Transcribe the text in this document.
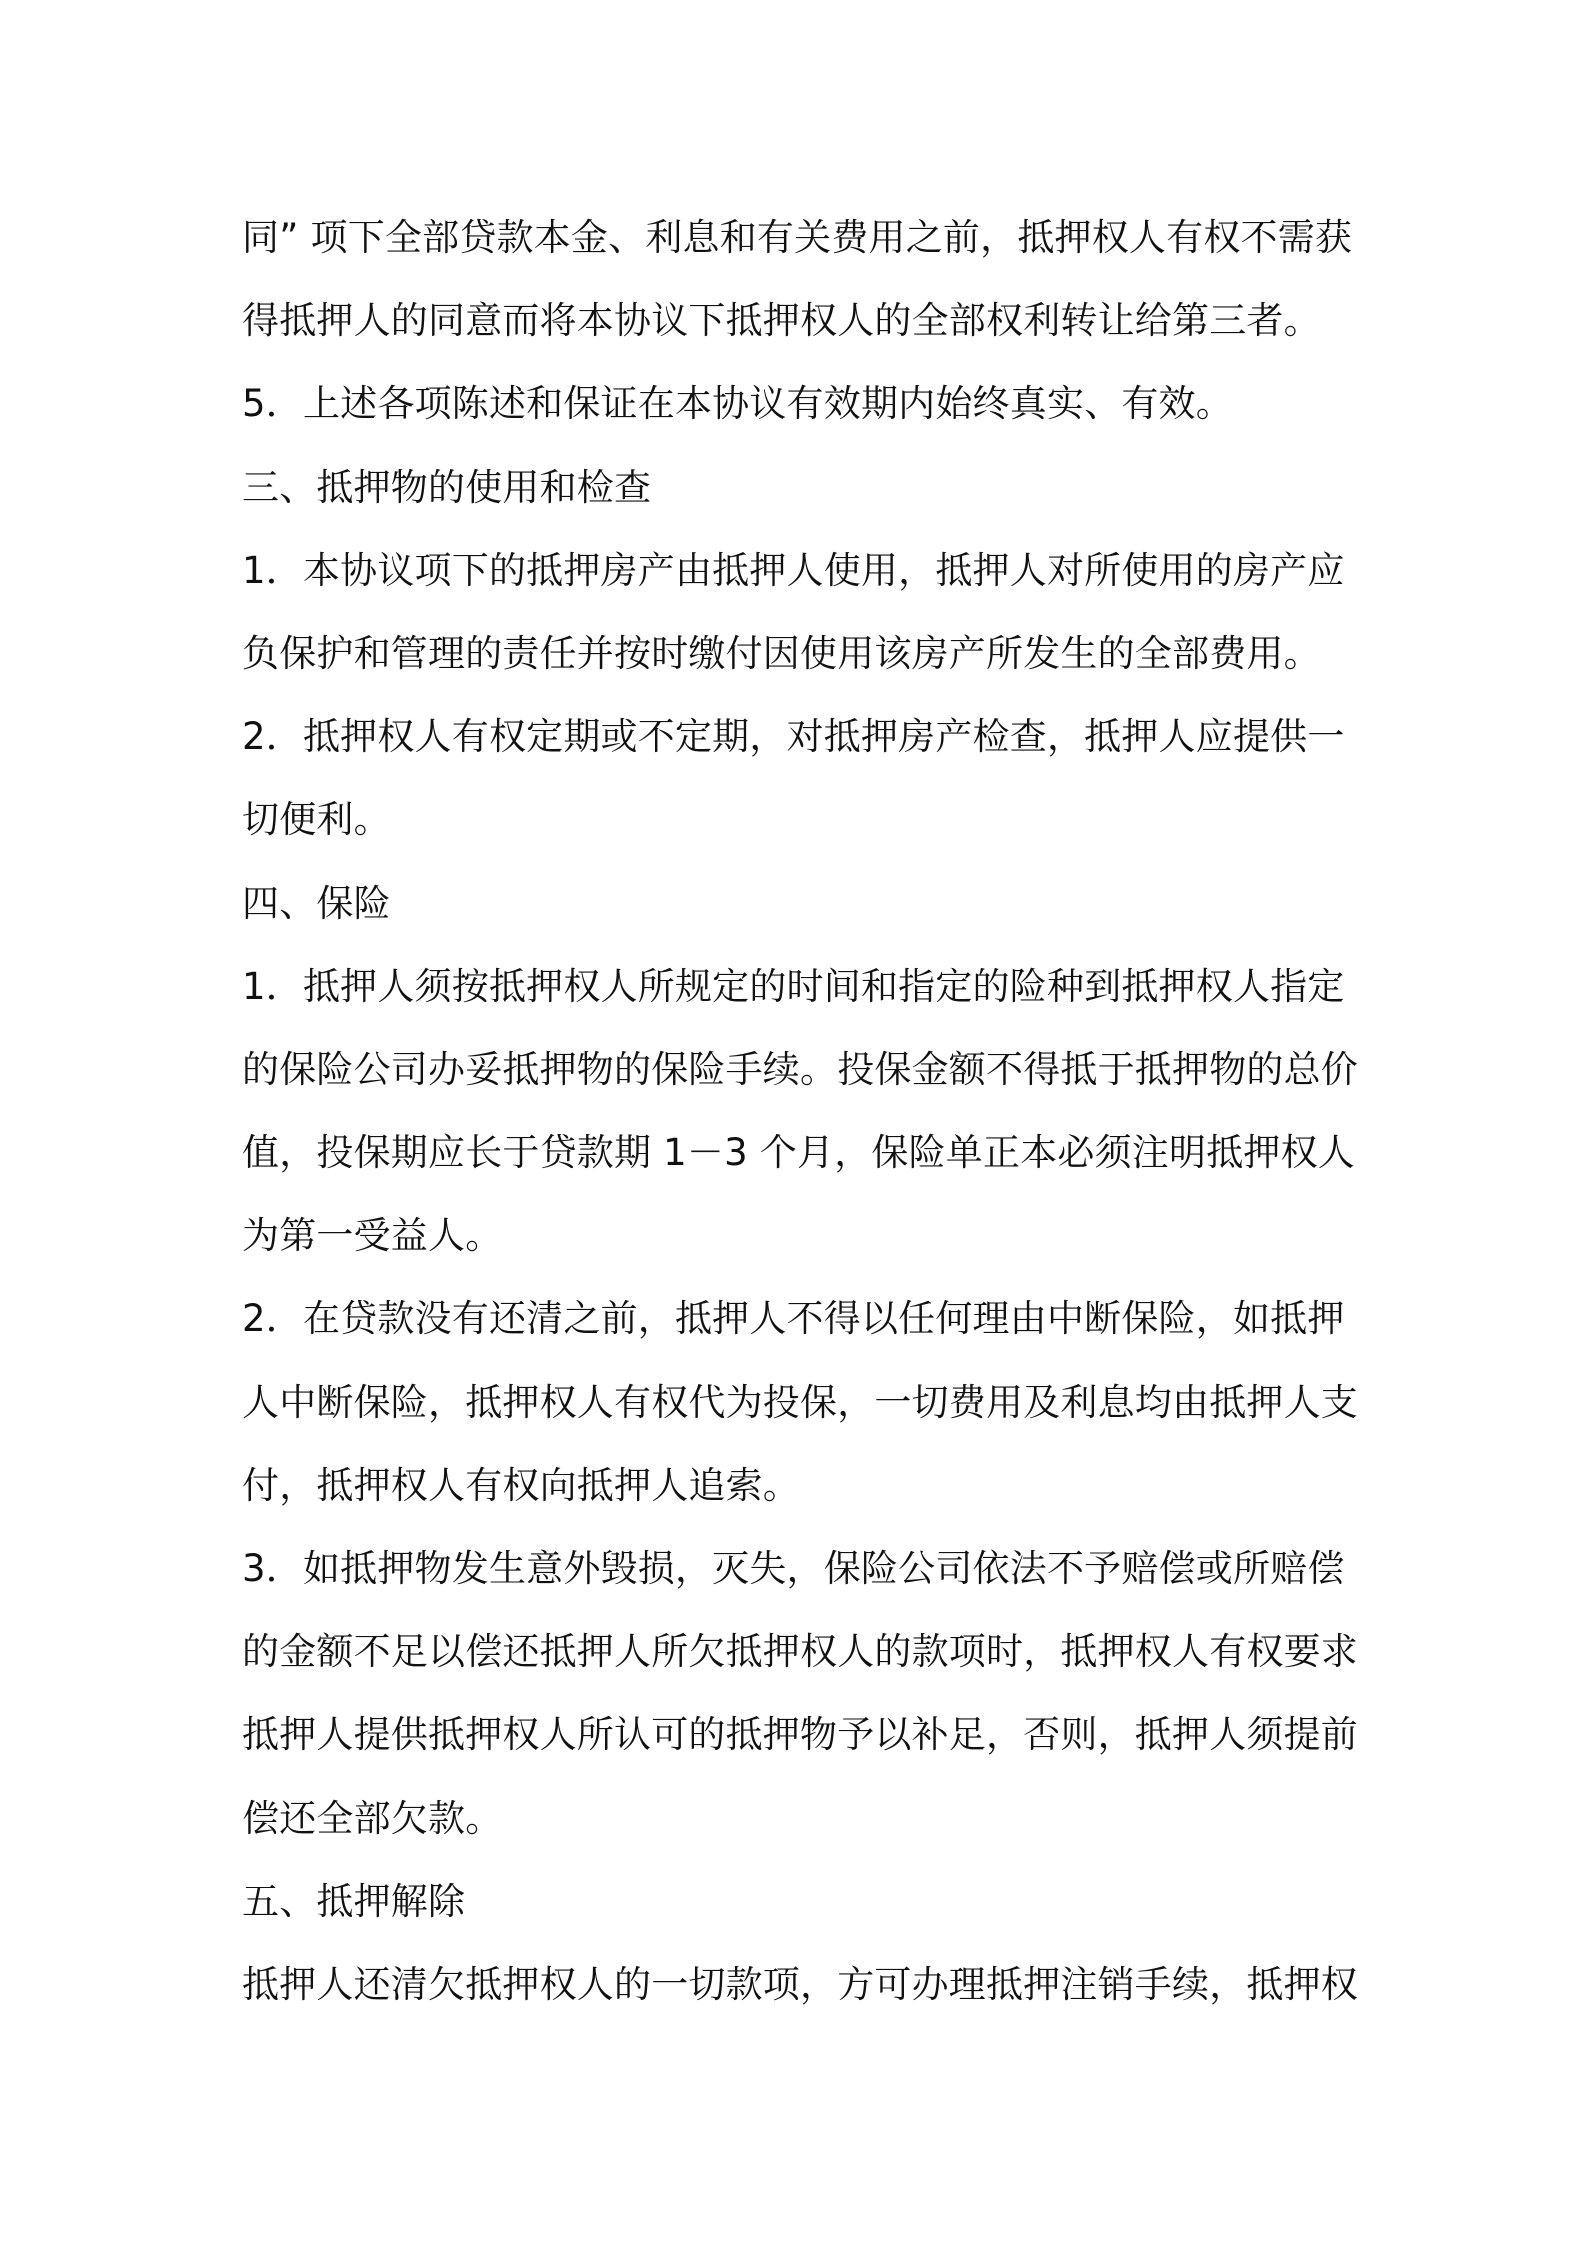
同” 项下全部贷款本金、利息和有关费用之前，抵押权人有权不需获
得抵押人的同意而将本协议下抵押权人的全部权利转让给第三者。
5．上述各项陈述和保证在本协议有效期内始终真实、有效。
三、抵押物的使用和检查
1．本协议项下的抵押房产由抵押人使用，抵押人对所使用的房产应
负保护和管理的责任并按时缴付因使用该房产所发生的全部费用。
2．抵押权人有权定期或不定期，对抵押房产检查，抵押人应提供一
切便利。
四、保险
1．抵押人须按抵押权人所规定的时间和指定的险种到抵押权人指定
的保险公司办妥抵押物的保险手续。投保金额不得抵于抵押物的总价
值，投保期应长于贷款期 1－3 个月，保险单正本必须注明抵押权人
为第一受益人。
2．在贷款没有还清之前，抵押人不得以任何理由中断保险，如抵押
人中断保险，抵押权人有权代为投保，一切费用及利息均由抵押人支
付，抵押权人有权向抵押人追索。
3．如抵押物发生意外毁损，灭失，保险公司依法不予赔偿或所赔偿
的金额不足以偿还抵押人所欠抵押权人的款项时，抵押权人有权要求
抵押人提供抵押权人所认可的抵押物予以补足，否则，抵押人须提前
偿还全部欠款。
五、抵押解除
抵押人还清欠抵押权人的一切款项，方可办理抵押注销手续，抵押权
